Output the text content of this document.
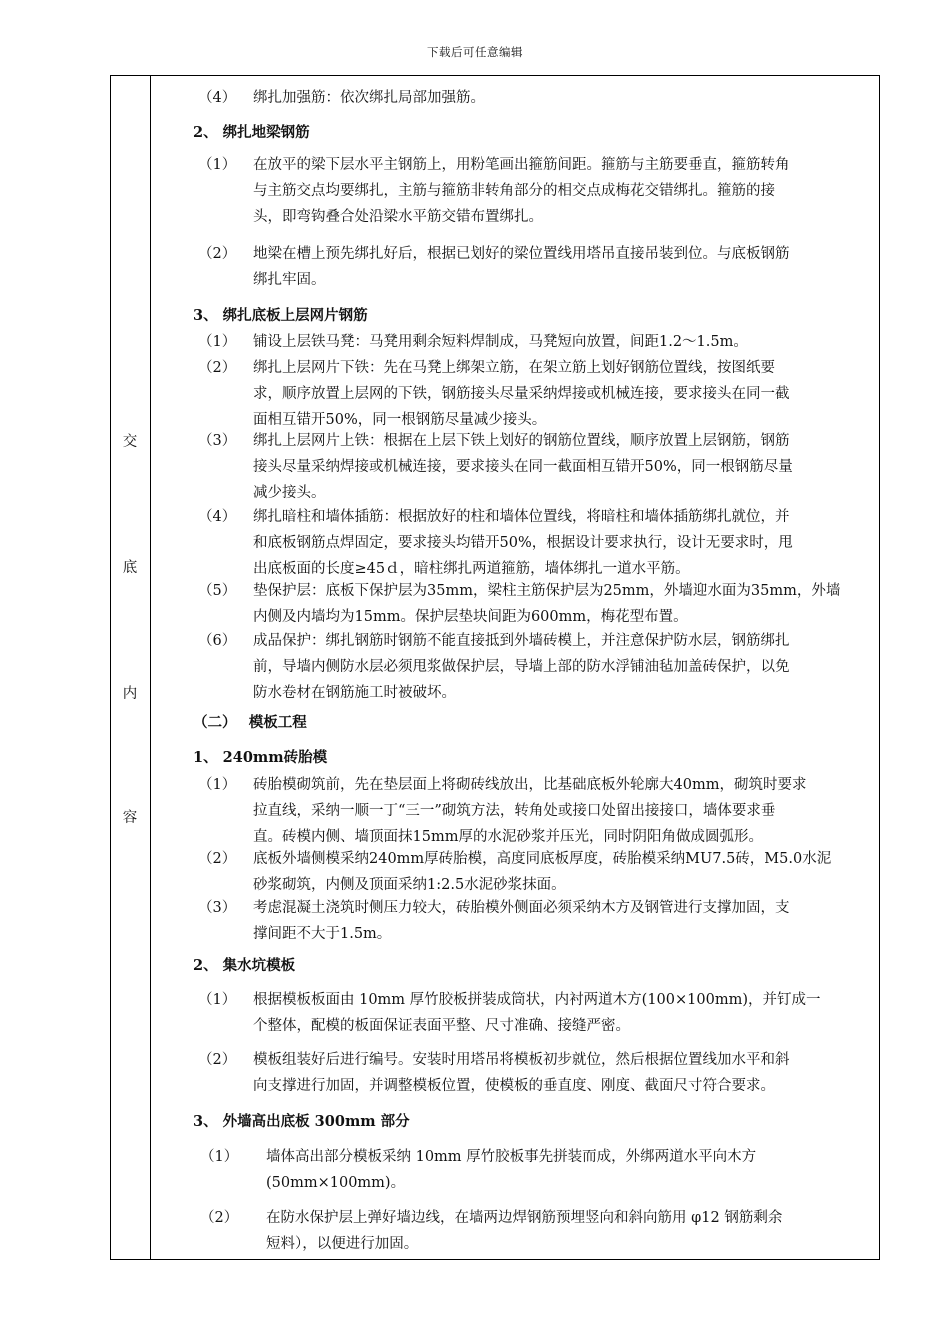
下载后可任意编辑
交
底
内
容
（4） 绑扎加强筋：依次绑扎局部加强筋。
2、 绑扎地梁钢筋
（1） 在放平的梁下层水平主钢筋上，用粉笔画出箍筋间距。箍筋与主筋要垂直，箍筋转角
与主筋交点均要绑扎，主筋与箍筋非转角部分的相交点成梅花交错绑扎。箍筋的接
头，即弯钩叠合处沿梁水平筋交错布置绑扎。
（2） 地梁在槽上预先绑扎好后，根据已划好的梁位置线用塔吊直接吊装到位。与底板钢筋
绑扎牢固。
3、 绑扎底板上层网片钢筋
（1） 铺设上层铁马凳：马凳用剩余短料焊制成，马凳短向放置，间距1.2～1.5m。
（2） 绑扎上层网片下铁：先在马凳上绑架立筋，在架立筋上划好钢筋位置线，按图纸要
求，顺序放置上层网的下铁，钢筋接头尽量采纳焊接或机械连接，要求接头在同一截
面相互错开50%，同一根钢筋尽量减少接头。
（3） 绑扎上层网片上铁：根据在上层下铁上划好的钢筋位置线，顺序放置上层钢筋，钢筋
接头尽量采纳焊接或机械连接，要求接头在同一截面相互错开50%，同一根钢筋尽量
减少接头。
（4） 绑扎暗柱和墙体插筋：根据放好的柱和墙体位置线，将暗柱和墙体插筋绑扎就位，并
和底板钢筋点焊固定，要求接头均错开50%，根据设计要求执行，设计无要求时，甩
出底板面的长度≥45ｄ，暗柱绑扎两道箍筋，墙体绑扎一道水平筋。
（5） 垫保护层：底板下保护层为35mm，梁柱主筋保护层为25mm，外墙迎水面为35mm，外墙
内侧及内墙均为15mm。保护层垫块间距为600mm，梅花型布置。
（6） 成品保护：绑扎钢筋时钢筋不能直接抵到外墙砖模上，并注意保护防水层，钢筋绑扎
前，导墙内侧防水层必须甩浆做保护层，导墙上部的防水浮铺油毡加盖砖保护，以免
防水卷材在钢筋施工时被破坏。
（二）　 模板工程
1、 240mm砖胎模
（1） 砖胎模砌筑前，先在垫层面上将砌砖线放出，比基础底板外轮廓大40mm，砌筑时要求
拉直线，采纳一顺一丁“三一”砌筑方法，转角处或接口处留出接接口，墙体要求垂
直。砖模内侧、墙顶面抹15mm厚的水泥砂浆并压光，同时阴阳角做成圆弧形。
（2） 底板外墙侧模采纳240mm厚砖胎模，高度同底板厚度，砖胎模采纳MU7.5砖，M5.0水泥
砂浆砌筑，内侧及顶面采纳1:2.5水泥砂浆抹面。
（3） 考虑混凝土浇筑时侧压力较大，砖胎模外侧面必须采纳木方及钢管进行支撑加固，支
撑间距不大于1.5m。
2、 集水坑模板
（1） 根据模板板面由 10mm 厚竹胶板拼装成筒状，内衬两道木方(100×100mm)，并钉成一
个整体，配模的板面保证表面平整、尺寸准确、接缝严密。
（2） 模板组装好后进行编号。安装时用塔吊将模板初步就位，然后根据位置线加水平和斜
向支撑进行加固，并调整模板位置，使模板的垂直度、刚度、截面尺寸符合要求。
3、 外墙高出底板 300mm 部分
（1） 墙体高出部分模板采纳 10mm 厚竹胶板事先拼装而成，外绑两道水平向木方
(50mm×100mm)。
（2） 在防水保护层上弹好墙边线，在墙两边焊钢筋预埋竖向和斜向筋用 φ12 钢筋剩余
短料），以便进行加固。
